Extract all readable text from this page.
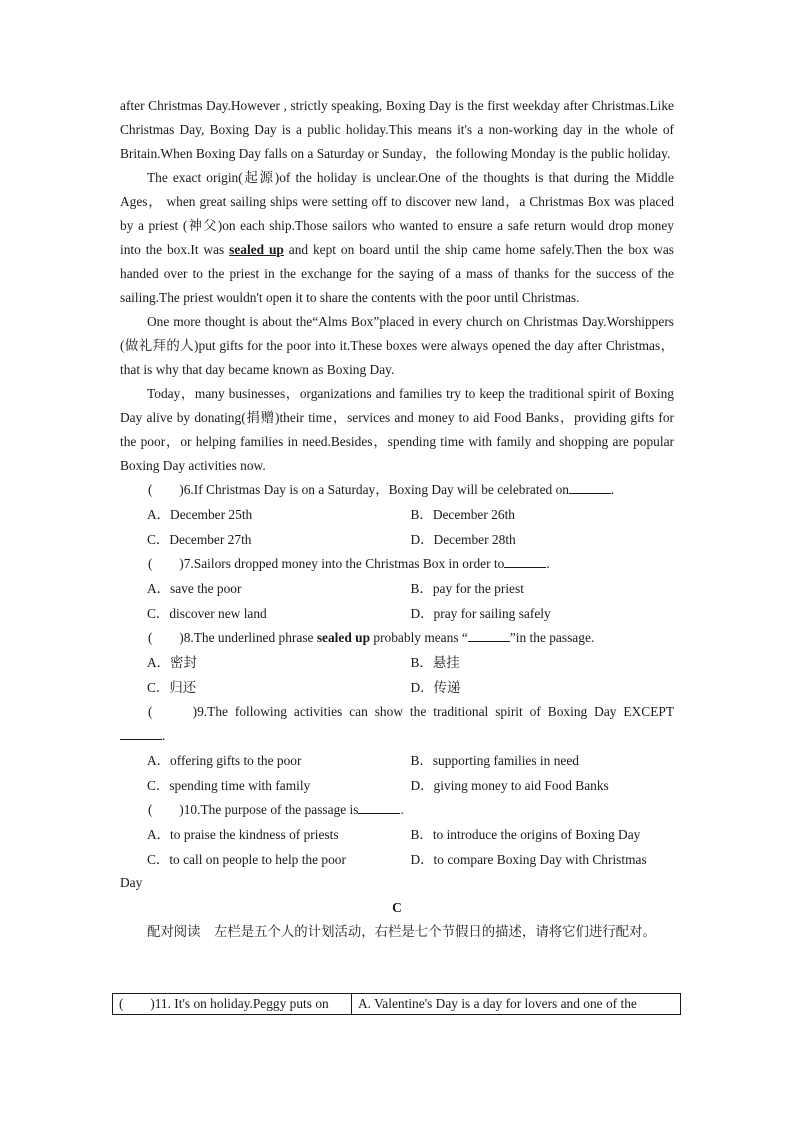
after Christmas Day.However , strictly speaking, Boxing Day is the first weekday after Christmas.Like Christmas Day, Boxing Day is a public holiday.This means it's a non-working day in the whole of Britain.When Boxing Day falls on a Saturday or Sunday，the following Monday is the public holiday.

The exact origin(起源)of the holiday is unclear.One of the thoughts is that during the Middle Ages， when great sailing ships were setting off to discover new land，a Christmas Box was placed by a priest (神父)on each ship.Those sailors who wanted to ensure a safe return would drop money into the box.It was sealed up and kept on board until the ship came home safely.Then the box was handed over to the priest in the exchange for the saying of a mass of thanks for the success of the sailing.The priest wouldn't open it to share the contents with the poor until Christmas.

One more thought is about the“Alms Box”placed in every church on Christmas Day.Worshippers (做礼拜的人)put gifts for the poor into it.These boxes were always opened the day after Christmas，that is why that day became known as Boxing Day.

Today，many businesses，organizations and families try to keep the traditional spirit of Boxing Day alive by donating(捐赠)their time，services and money to aid Food Banks，providing gifts for the poor，or helping families in need.Besides，spending time with family and shopping are popular Boxing Day activities now.

(　　) 6.If Christmas Day is on a Saturday，Boxing Day will be celebrated on	.
A．December 25th	B．December 26th
C．December 27th	D．December 28th
(　　) 7.Sailors dropped money into the Christmas Box in order to	.
A．save the poor	B．pay for the priest
C．discover new land	D．pray for sailing safely
(　　) 8.The underlined phrase sealed up probably means “	”in the passage.
A．密封	B．悬挂
C．归还	D．传递

(　　　)9.The following activities can show the traditional spirit of Boxing Day EXCEPT.

A．offering gifts to the poor	B．supporting families in need
C．spending time with family	D．giving money to aid Food Banks
(　　) 10.The purpose of the passage is	.
A．to praise the kindness of priests	B．to introduce the origins of Boxing Day
C．to call on people to help the poor	D．to compare Boxing Day with Christmas

Day

C
配对阅读　左栏是五个人的计划活动，右栏是七个节假日的描述，请将它们进行配对。
(　　)11. It's on holiday.Peggy puts on	A. Valentine's Day is a day for lovers and one of the
